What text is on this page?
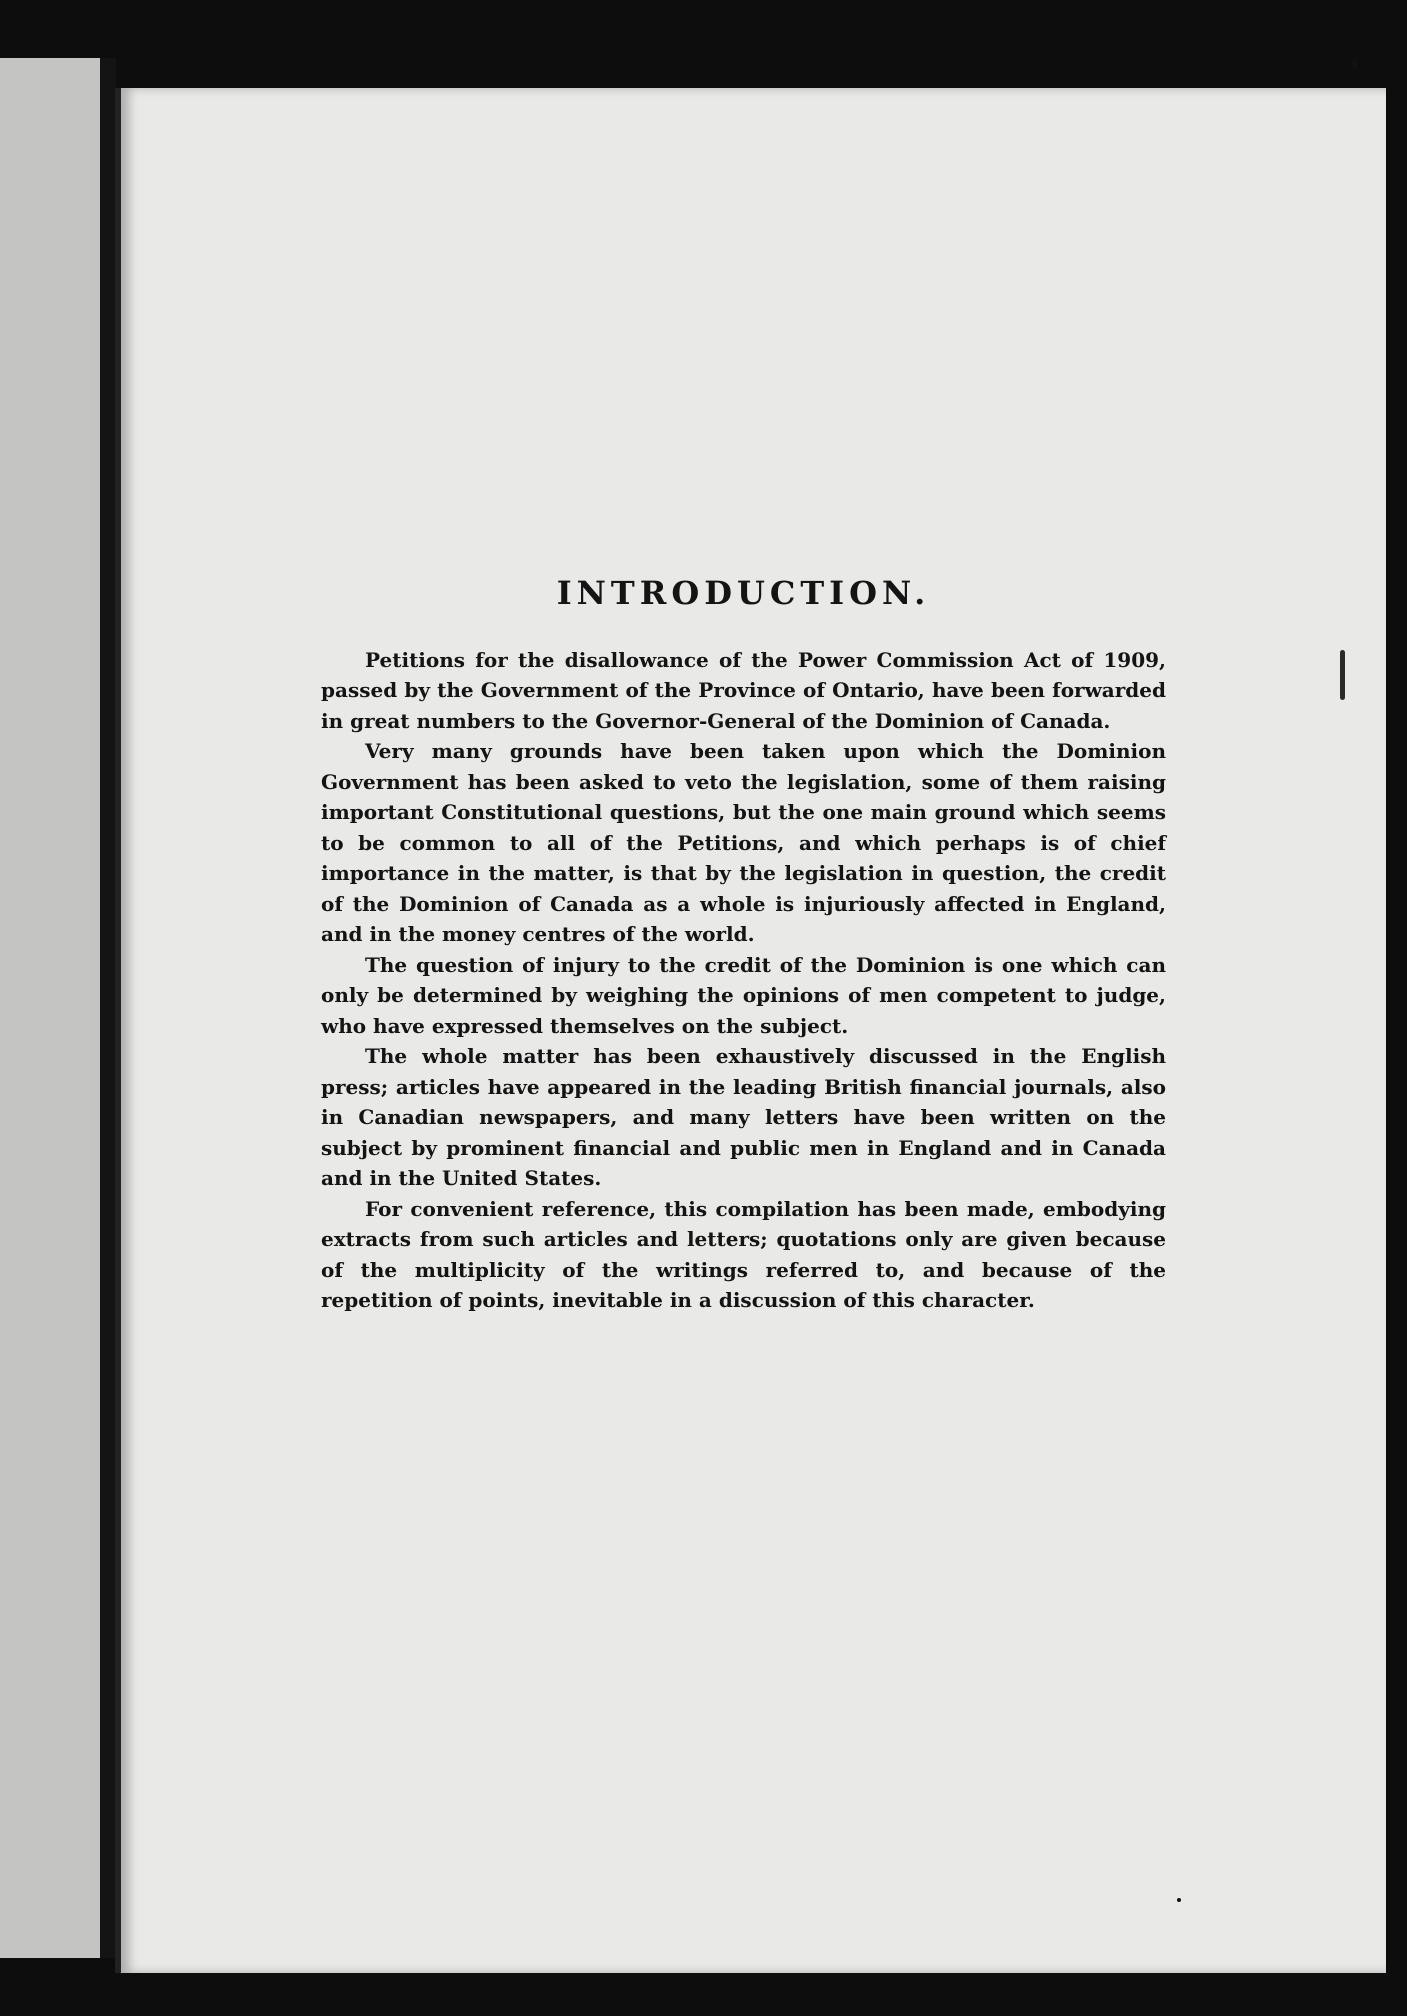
INTRODUCTION.

Petitions for the disallowance of the Power Commission Act of 1909, passed by the Government of the Province of Ontario, have been forwarded in great numbers to the Governor-General of the Dominion of Canada.

Very many grounds have been taken upon which the Dominion Government has been asked to veto the legislation, some of them raising important Constitutional questions, but the one main ground which seems to be common to all of the Petitions, and which perhaps is of chief importance in the matter, is that by the legislation in question, the credit of the Dominion of Canada as a whole is injuriously affected in England, and in the money centres of the world.

The question of injury to the credit of the Dominion is one which can only be determined by weighing the opinions of men competent to judge, who have expressed themselves on the subject.

The whole matter has been exhaustively discussed in the English press; articles have appeared in the leading British financial journals, also in Canadian newspapers, and many letters have been written on the subject by prominent financial and public men in England and in Canada and in the United States.

For convenient reference, this compilation has been made, embodying extracts from such articles and letters; quotations only are given because of the multiplicity of the writings referred to, and because of the repetition of points, inevitable in a discussion of this character.
